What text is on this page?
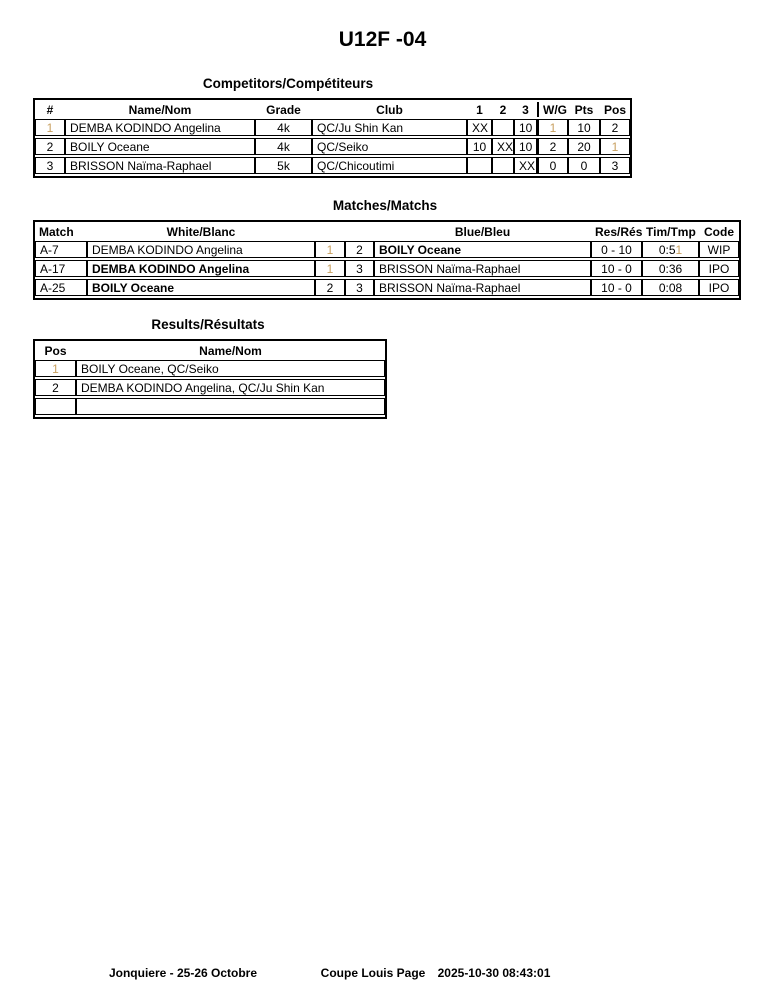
U12F -04
Competitors/Compétiteurs
#	Name/Nom	Grade	Club	1	2	3	W/G	Pts	Pos
1	DEMBA KODINDO Angelina	4k	QC/Ju Shin Kan	XX		10	1	10	2
2	BOILY Oceane	4k	QC/Seiko	10	XX	10	2	20	1
3	BRISSON Naïma-Raphael	5k	QC/Chicoutimi			XX	0	0	3
Matches/Matchs
Match	White/Blanc			Blue/Bleu	Res/Rés	Tim/Tmp	Code
A-7	DEMBA KODINDO Angelina	1	2	BOILY Oceane	0 - 10	0:51	WIP
A-17	DEMBA KODINDO Angelina	1	3	BRISSON Naïma-Raphael	10 - 0	0:36	IPO
A-25	BOILY Oceane	2	3	BRISSON Naïma-Raphael	10 - 0	0:08	IPO
Results/Résultats
Pos	Name/Nom
1	BOILY Oceane, QC/Seiko
2	DEMBA KODINDO Angelina, QC/Ju Shin Kan

Jonquiere - 25-26 Octobre	Coupe Louis Page 2025-10-30 08:43:01
